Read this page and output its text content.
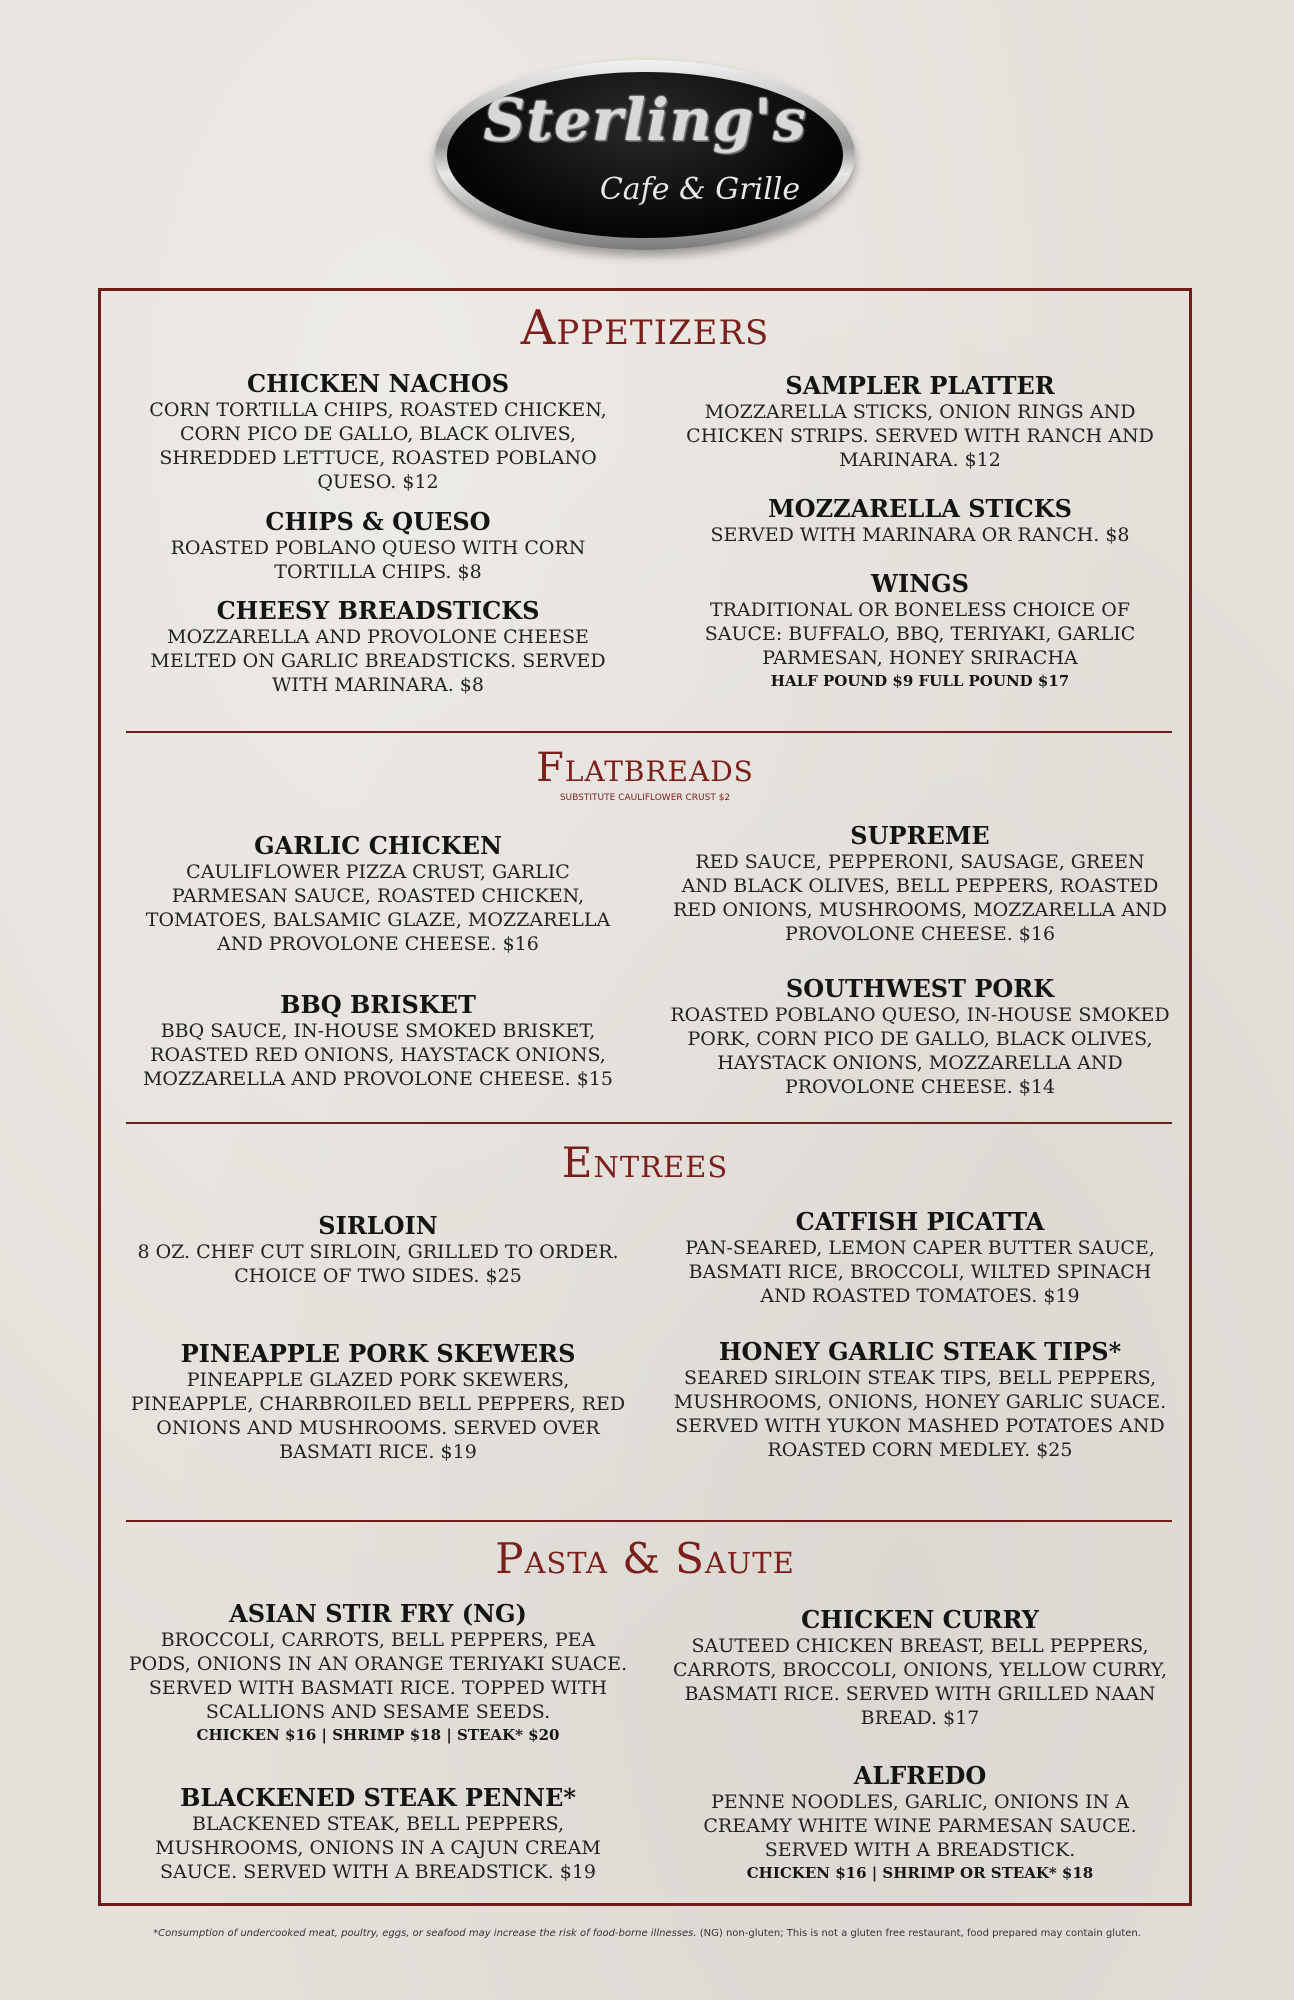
Sterling's
Cafe & Grille
Appetizers
CHICKEN NACHOS
CORN TORTILLA CHIPS, ROASTED CHICKEN, CORN PICO DE GALLO, BLACK OLIVES, SHREDDED LETTUCE, ROASTED POBLANO QUESO. $12
CHIPS & QUESO
ROASTED POBLANO QUESO WITH CORN TORTILLA CHIPS. $8
CHEESY BREADSTICKS
MOZZARELLA AND PROVOLONE CHEESE MELTED ON GARLIC BREADSTICKS. SERVED WITH MARINARA. $8
SAMPLER PLATTER
MOZZARELLA STICKS, ONION RINGS AND CHICKEN STRIPS. SERVED WITH RANCH AND MARINARA. $12
MOZZARELLA STICKS
SERVED WITH MARINARA OR RANCH. $8
WINGS
TRADITIONAL OR BONELESS CHOICE OF SAUCE: BUFFALO, BBQ, TERIYAKI, GARLIC PARMESAN, HONEY SRIRACHA
HALF POUND $9 FULL POUND $17
Flatbreads
SUBSTITUTE CAULIFLOWER CRUST $2
GARLIC CHICKEN
CAULIFLOWER PIZZA CRUST, GARLIC PARMESAN SAUCE, ROASTED CHICKEN, TOMATOES, BALSAMIC GLAZE, MOZZARELLA AND PROVOLONE CHEESE. $16
BBQ BRISKET
BBQ SAUCE, IN-HOUSE SMOKED BRISKET, ROASTED RED ONIONS, HAYSTACK ONIONS, MOZZARELLA AND PROVOLONE CHEESE. $15
SUPREME
RED SAUCE, PEPPERONI, SAUSAGE, GREEN AND BLACK OLIVES, BELL PEPPERS, ROASTED RED ONIONS, MUSHROOMS, MOZZARELLA AND PROVOLONE CHEESE. $16
SOUTHWEST PORK
ROASTED POBLANO QUESO, IN-HOUSE SMOKED PORK, CORN PICO DE GALLO, BLACK OLIVES, HAYSTACK ONIONS, MOZZARELLA AND PROVOLONE CHEESE. $14
Entrees
SIRLOIN
8 OZ. CHEF CUT SIRLOIN, GRILLED TO ORDER. CHOICE OF TWO SIDES. $25
PINEAPPLE PORK SKEWERS
PINEAPPLE GLAZED PORK SKEWERS, PINEAPPLE, CHARBROILED BELL PEPPERS, RED ONIONS AND MUSHROOMS. SERVED OVER BASMATI RICE. $19
CATFISH PICATTA
PAN-SEARED, LEMON CAPER BUTTER SAUCE, BASMATI RICE, BROCCOLI, WILTED SPINACH AND ROASTED TOMATOES. $19
HONEY GARLIC STEAK TIPS*
SEARED SIRLOIN STEAK TIPS, BELL PEPPERS, MUSHROOMS, ONIONS, HONEY GARLIC SUACE. SERVED WITH YUKON MASHED POTATOES AND ROASTED CORN MEDLEY. $25
Pasta & Saute
ASIAN STIR FRY (NG)
BROCCOLI, CARROTS, BELL PEPPERS, PEA PODS, ONIONS IN AN ORANGE TERIYAKI SUACE. SERVED WITH BASMATI RICE. TOPPED WITH SCALLIONS AND SESAME SEEDS.
CHICKEN $16 | SHRIMP $18 | STEAK* $20
BLACKENED STEAK PENNE*
BLACKENED STEAK, BELL PEPPERS, MUSHROOMS, ONIONS IN A CAJUN CREAM SAUCE. SERVED WITH A BREADSTICK. $19
CHICKEN CURRY
SAUTEED CHICKEN BREAST, BELL PEPPERS, CARROTS, BROCCOLI, ONIONS, YELLOW CURRY, BASMATI RICE. SERVED WITH GRILLED NAAN BREAD. $17
ALFREDO
PENNE NOODLES, GARLIC, ONIONS IN A CREAMY WHITE WINE PARMESAN SAUCE. SERVED WITH A BREADSTICK.
CHICKEN $16 | SHRIMP OR STEAK* $18
*Consumption of undercooked meat, poultry, eggs, or seafood may increase the risk of food-borne illnesses. (NG) non-gluten; This is not a gluten free restaurant, food prepared may contain gluten.
